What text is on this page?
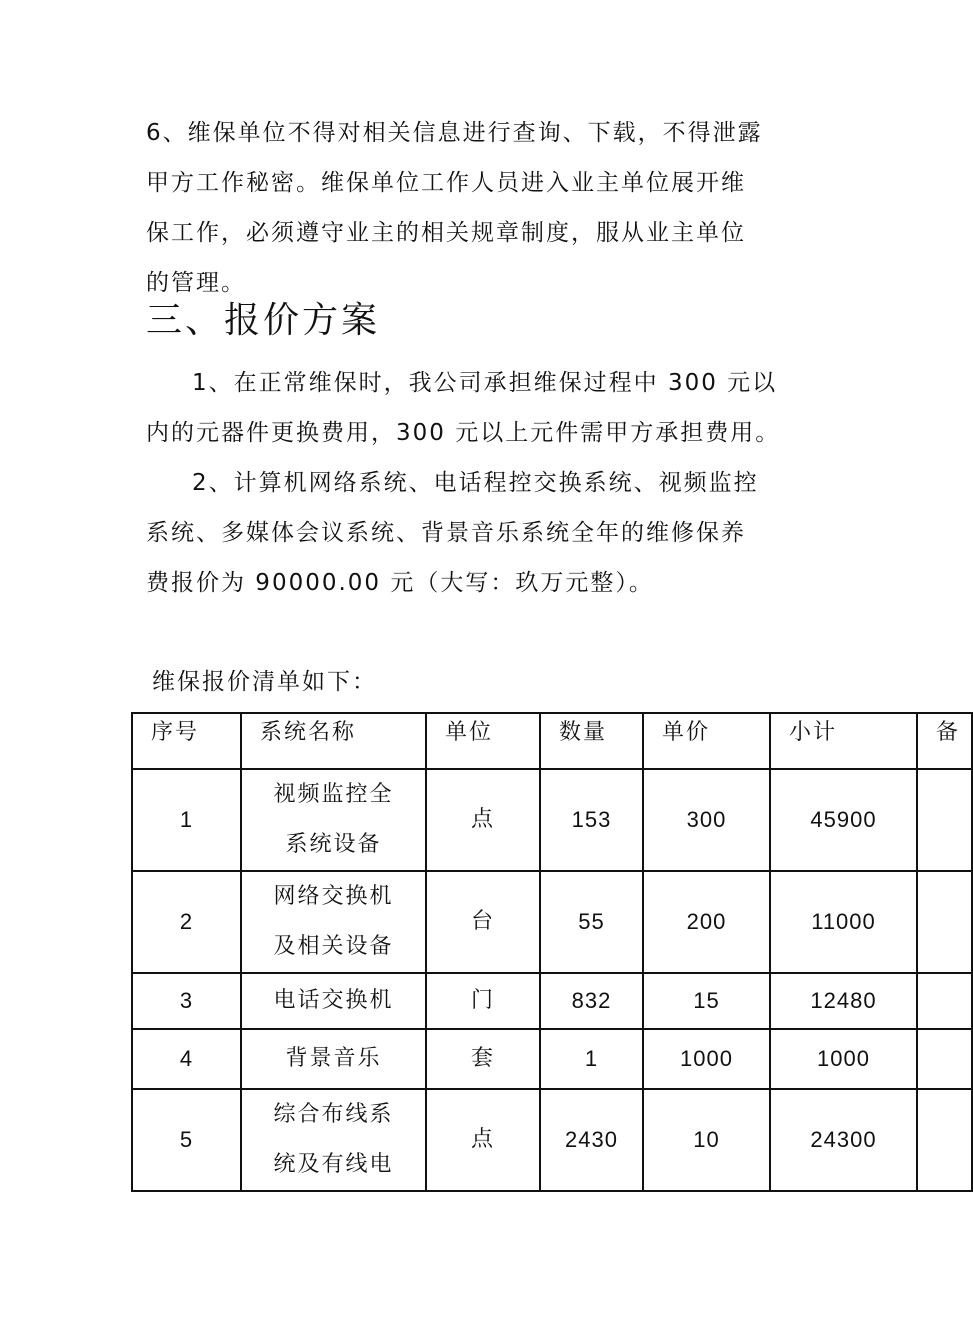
6、维保单位不得对相关信息进行查询、下载，不得泄露
甲方工作秘密。维保单位工作人员进入业主单位展开维
保工作，必须遵守业主的相关规章制度，服从业主单位
的管理。

三、报价方案

1、在正常维保时，我公司承担维保过程中 300 元以
内的元器件更换费用，300 元以上元件需甲方承担费用。

2、计算机网络系统、电话程控交换系统、视频监控
系统、多媒体会议系统、背景音乐系统全年的维修保养
费报价为 90000.00 元（大写：玖万元整）。

维保报价清单如下：

序号	系统名称	单位	数量	单价	小计	备
1	视频监控全
系统设备	点	153	300	45900	
2	网络交换机
及相关设备	台	55	200	11000	
3	电话交换机	门	832	15	12480	
4	背景音乐	套	1	1000	1000	
5	综合布线系
统及有线电	点	2430	10	24300	
